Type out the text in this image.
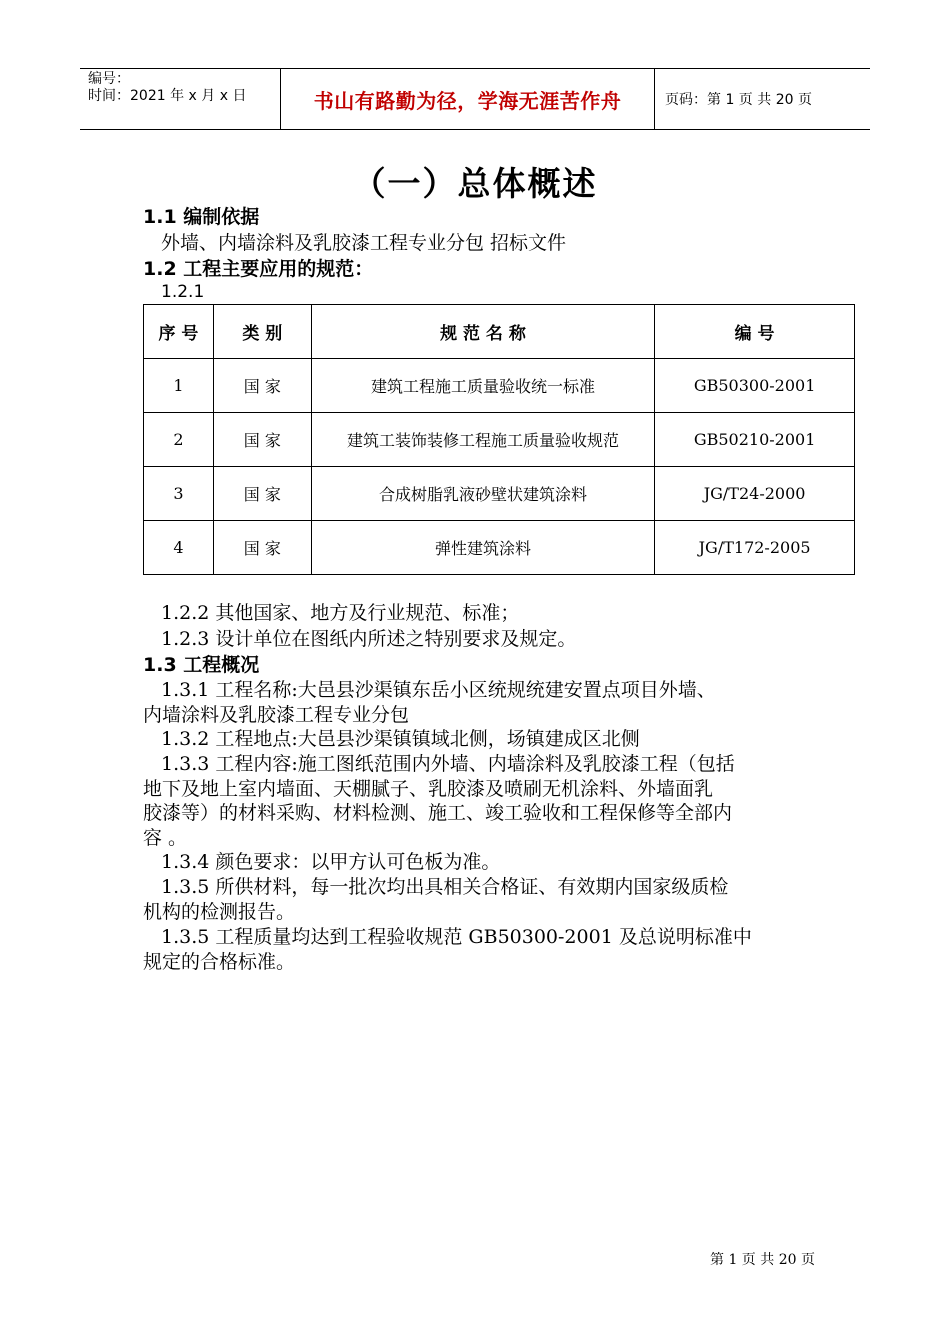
编号：
时间：2021 年 x 月 x 日	书山有路勤为径，学海无涯苦作舟	页码：第 1 页 共 20 页
（一）总体概述
1.1 编制依据
外墙、内墙涂料及乳胶漆工程专业分包 招标文件
1.2 工程主要应用的规范：
1.2.1
序 号	类 别	规 范 名 称	编 号
1	国 家	建筑工程施工质量验收统一标准	GB50300-2001
2	国 家	建筑工装饰装修工程施工质量验收规范	GB50210-2001
3	国 家	合成树脂乳液砂壁状建筑涂料	JG/T24-2000
4	国 家	弹性建筑涂料	JG/T172-2005
1.2.2 其他国家、地方及行业规范、标准；
1.2.3 设计单位在图纸内所述之特别要求及规定。
1.3 工程概况
1.3.1 工程名称:大邑县沙渠镇东岳小区统规统建安置点项目外墙、
内墙涂料及乳胶漆工程专业分包
1.3.2 工程地点:大邑县沙渠镇镇域北侧，场镇建成区北侧
1.3.3 工程内容:施工图纸范围内外墙、内墙涂料及乳胶漆工程（包括
地下及地上室内墙面、天棚腻子、乳胶漆及喷刷无机涂料、外墙面乳
胶漆等）的材料采购、材料检测、施工、竣工验收和工程保修等全部内
容 。
1.3.4 颜色要求：以甲方认可色板为准。
1.3.5 所供材料，每一批次均出具相关合格证、有效期内国家级质检
机构的检测报告。
1.3.5 工程质量均达到工程验收规范 GB50300-2001 及总说明标准中
规定的合格标准。
第 1 页 共 20 页
